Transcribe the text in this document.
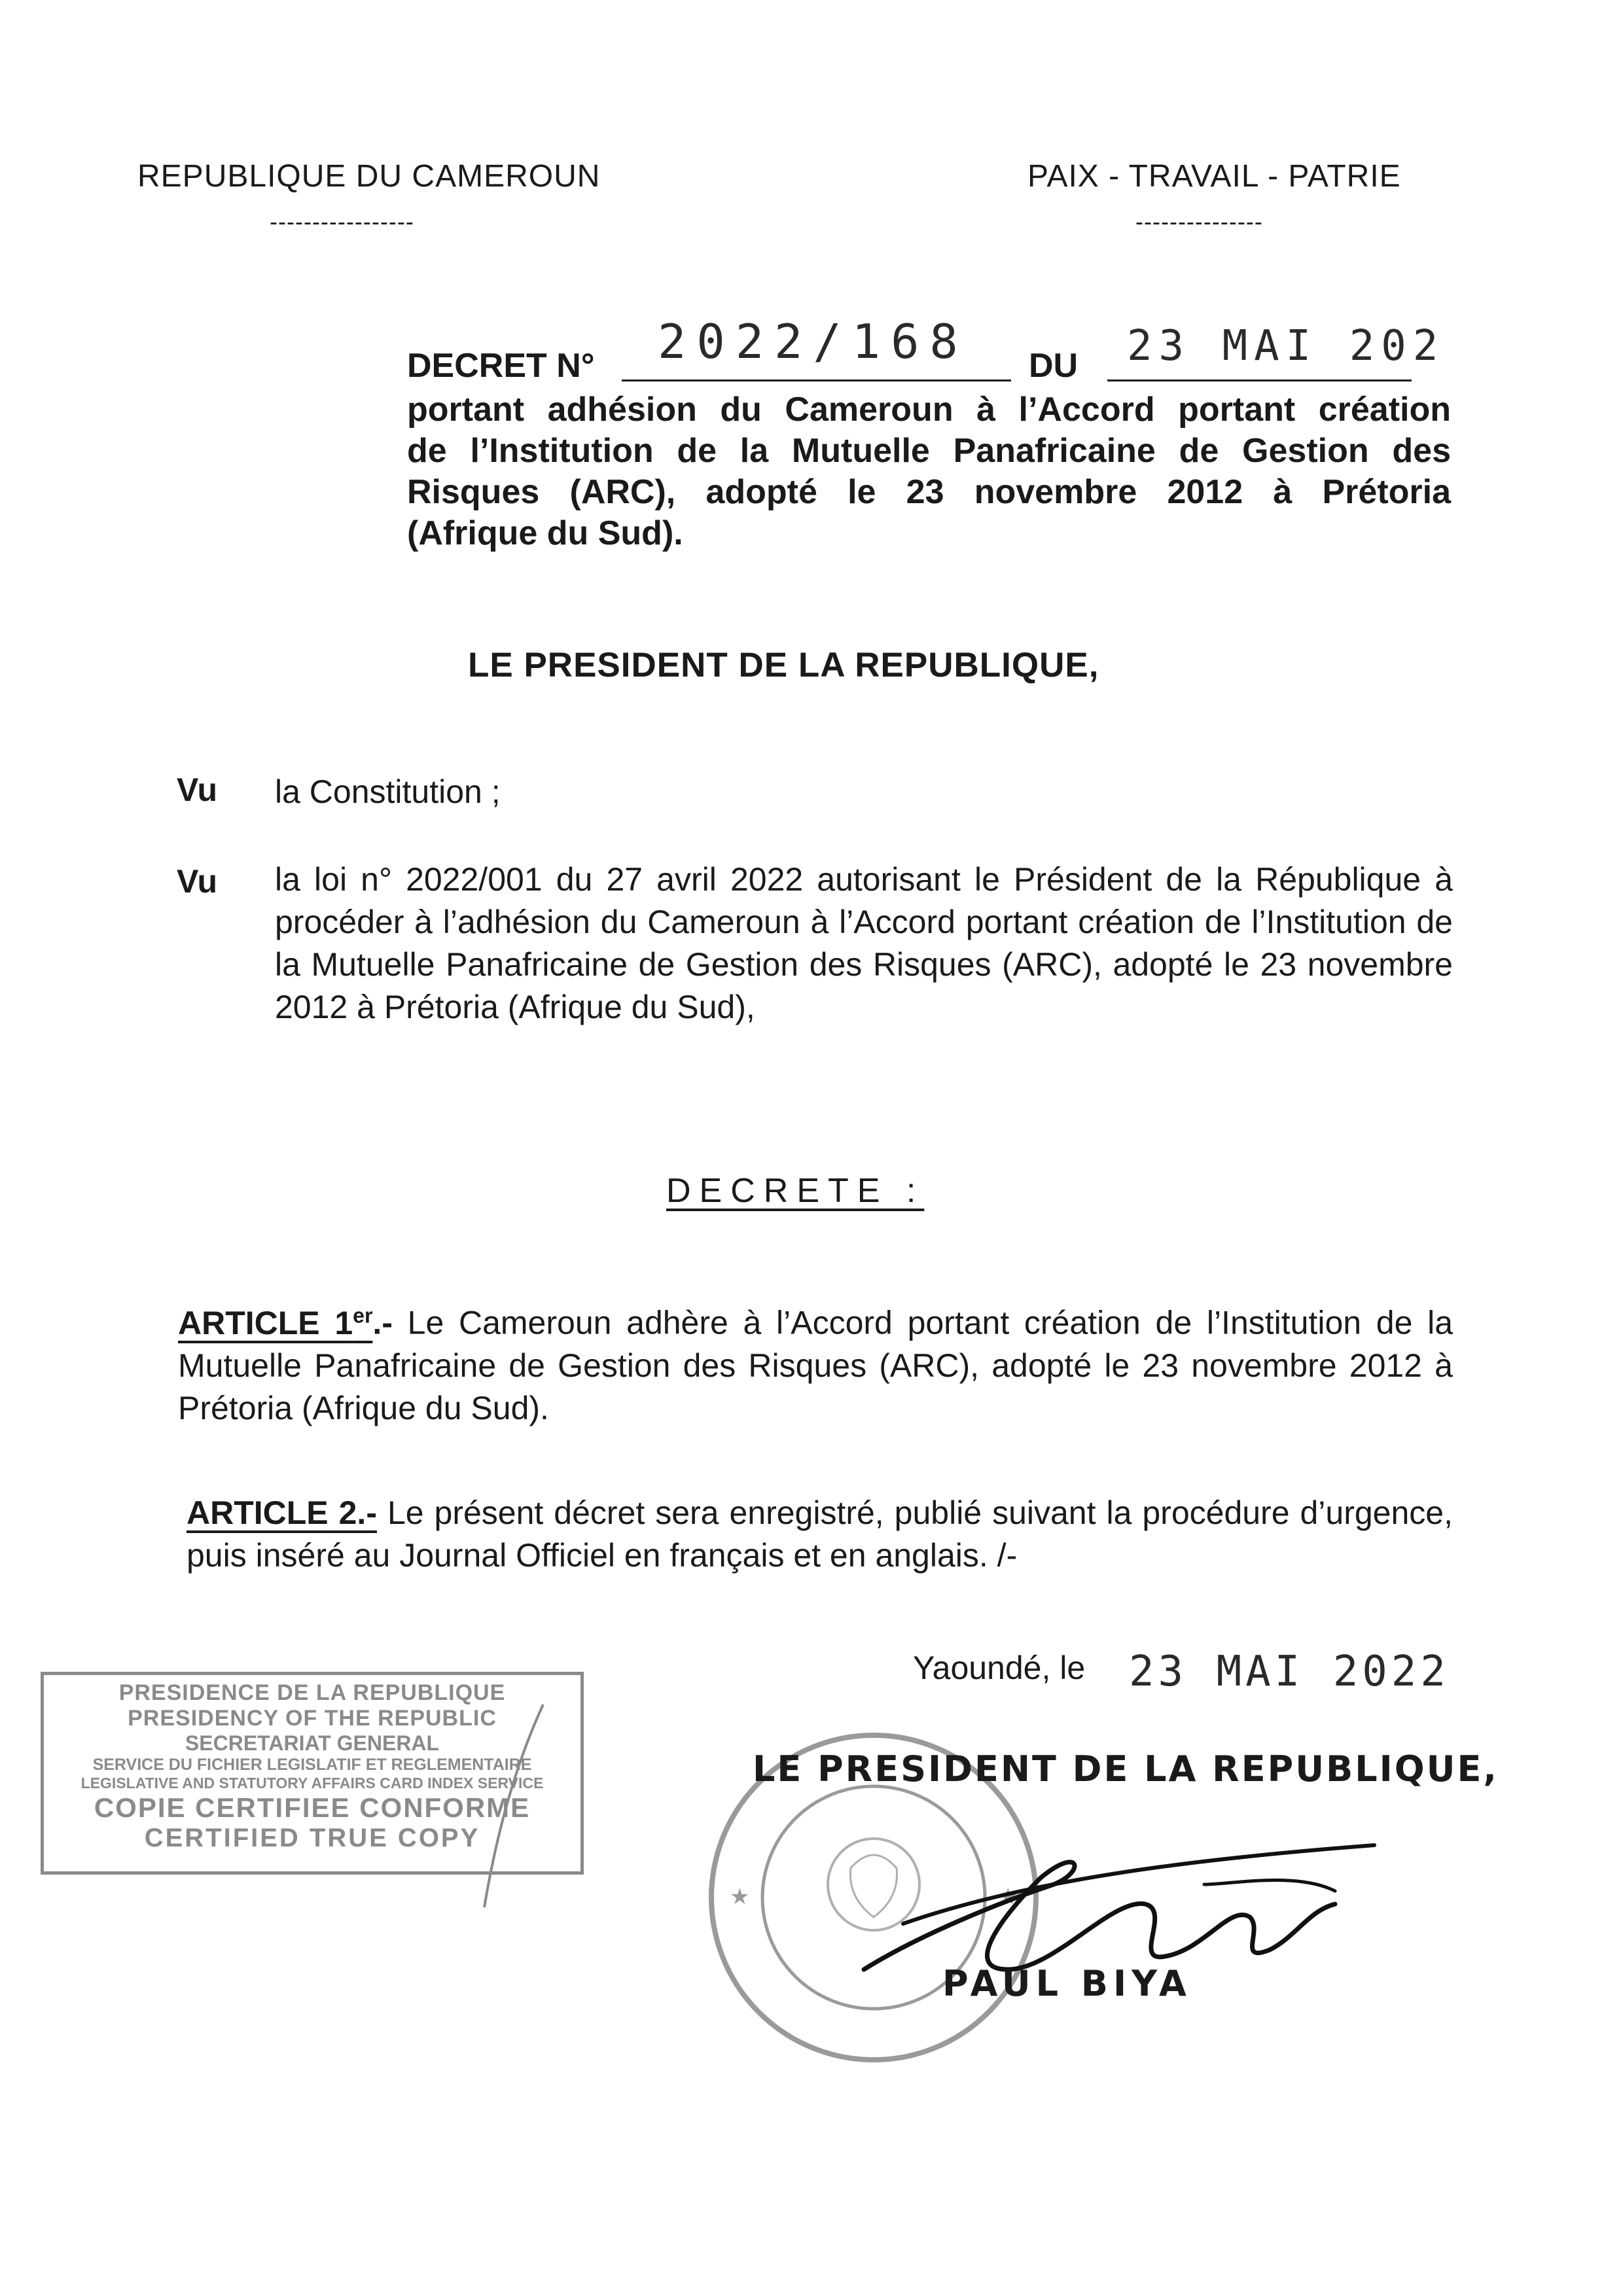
REPUBLIQUE DU CAMEROUN
-----------------
PAIX - TRAVAIL - PATRIE
---------------
DECRET N° 2022/168 DU 23 MAI 202
portant adhésion du Cameroun à l’Accord portant création
de l’Institution de la Mutuelle Panafricaine de Gestion des
Risques (ARC), adopté le 23 novembre 2012 à Prétoria
(Afrique du Sud).
LE PRESIDENT DE LA REPUBLIQUE,
Vu la Constitution ;
Vu la loi n° 2022/001 du 27 avril 2022 autorisant le Président de la République à procéder à l’adhésion du Cameroun à l’Accord portant création de l’Institution de la Mutuelle Panafricaine de Gestion des Risques (ARC), adopté le 23 novembre 2012 à Prétoria (Afrique du Sud),
DECRETE :
ARTICLE 1er.- Le Cameroun adhère à l’Accord portant création de l’Institution de la Mutuelle Panafricaine de Gestion des Risques (ARC), adopté le 23 novembre 2012 à Prétoria (Afrique du Sud).
ARTICLE 2.- Le présent décret sera enregistré, publié suivant la procédure d’urgence, puis inséré au Journal Officiel en français et en anglais. /-
Yaoundé, le 23 MAI 2022
PRESIDENCE DE LA REPUBLIQUE
PRESIDENCY OF THE REPUBLIC
SECRETARIAT GENERAL
SERVICE DU FICHIER LEGISLATIF ET REGLEMENTAIRE
LEGISLATIVE AND STATUTORY AFFAIRS CARD INDEX SERVICE
COPIE CERTIFIEE CONFORME
CERTIFIED TRUE COPY
★	★
LE PRESIDENT DE LA REPUBLIQUE,
PAUL BIYA
